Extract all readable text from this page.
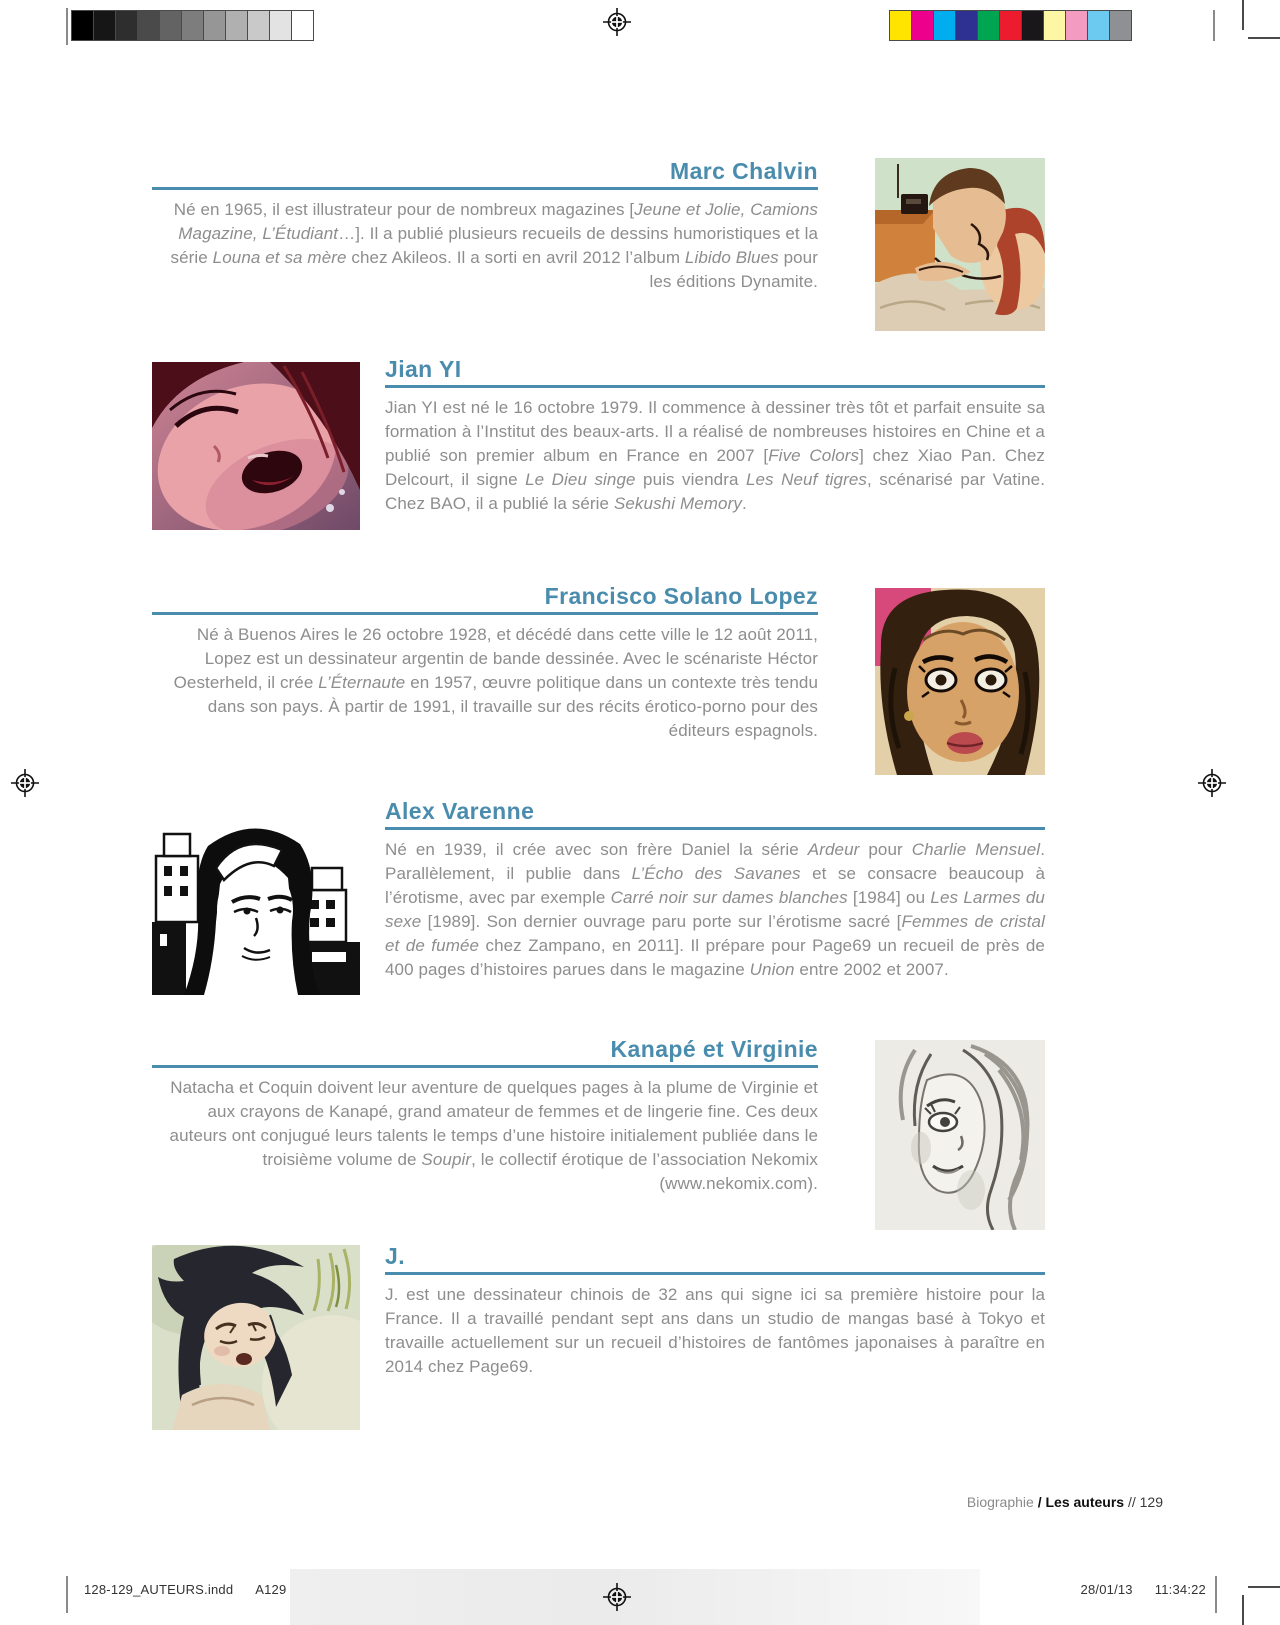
Marc Chalvin
Né en 1965, il est illustrateur pour de nombreux magazines [Jeune et Jolie, Camions Magazine, L’Étudiant…]. Il a publié plusieurs recueils de dessins humoristiques et la série Louna et sa mère chez Akileos. Il a sorti en avril 2012 l’album Libido Blues pour les éditions Dynamite.
Jian YI
Jian YI est né le 16 octobre 1979. Il commence à dessiner très tôt et parfait ensuite sa formation à l’Institut des beaux-arts. Il a réalisé de nombreuses histoires en Chine et a publié son premier album en France en 2007 [Five Colors] chez Xiao Pan. Chez Delcourt, il signe Le Dieu singe puis viendra Les Neuf tigres, scénarisé par Vatine. Chez BAO, il a publié la série Sekushi Memory.
Francisco Solano Lopez
Né à Buenos Aires le 26 octobre 1928, et décédé dans cette ville le 12 août 2011, Lopez est un dessinateur argentin de bande dessinée. Avec le scénariste Héctor Oesterheld, il crée L’Éternaute en 1957, œuvre politique dans un contexte très tendu dans son pays. À partir de 1991, il travaille sur des récits érotico-porno pour des éditeurs espagnols.
Alex Varenne
Né en 1939, il crée avec son frère Daniel la série Ardeur pour Charlie Mensuel. Parallèlement, il publie dans L’Écho des Savanes et se consacre beaucoup à l’érotisme, avec par exemple Carré noir sur dames blanches [1984] ou Les Larmes du sexe [1989]. Son dernier ouvrage paru porte sur l’érotisme sacré [Femmes de cristal et de fumée chez Zampano, en 2011]. Il prépare pour Page69 un recueil de près de 400 pages d’histoires parues dans le magazine Union entre 2002 et 2007.
Kanapé et Virginie
Natacha et Coquin doivent leur aventure de quelques pages à la plume de Virginie et aux crayons de Kanapé, grand amateur de femmes et de lingerie fine. Ces deux auteurs ont conjugué leurs talents le temps d’une histoire initialement publiée dans le troisième volume de Soupir, le collectif érotique de l’association Nekomix (www.nekomix.com).
J.
J. est une dessinateur chinois de 32 ans qui signe ici sa première histoire pour la France. Il a travaillé pendant sept ans dans un studio de mangas basé à Tokyo et travaille actuellement sur un recueil d’histoires de fantômes japonaises à paraître en 2014 chez Page69.
Biographie / Les auteurs // 129
128-129_AUTEURS.indd A129	28/01/13 11:34:22
